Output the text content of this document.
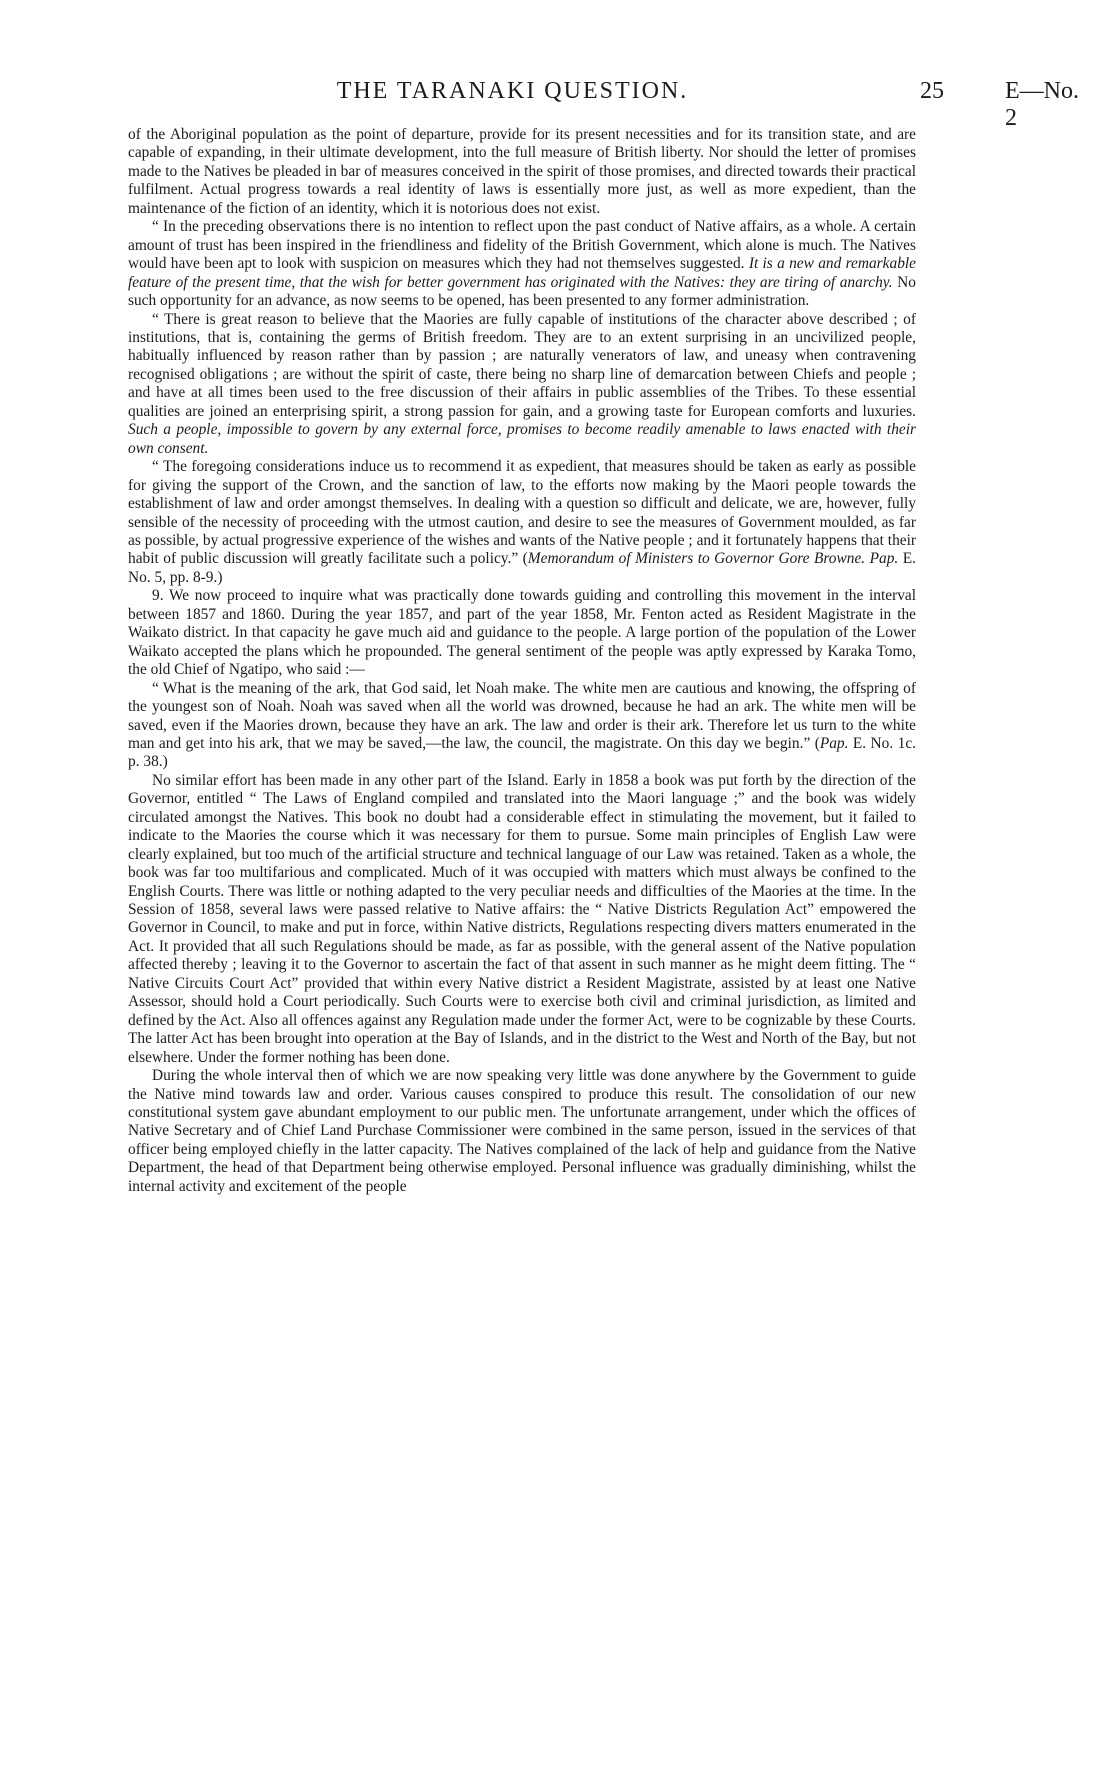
THE TARANAKI QUESTION.	25	E—No. 2

of the Aboriginal population as the point of departure, provide for its present necessities and for its transition state, and are capable of expanding, in their ultimate development, into the full measure of British liberty. Nor should the letter of promises made to the Natives be pleaded in bar of measures conceived in the spirit of those promises, and directed towards their practical fulfilment. Actual progress towards a real identity of laws is essentially more just, as well as more expedient, than the maintenance of the fiction of an identity, which it is notorious does not exist.

“ In the preceding observations there is no intention to reflect upon the past conduct of Native affairs, as a whole. A certain amount of trust has been inspired in the friendliness and fidelity of the British Government, which alone is much. The Natives would have been apt to look with suspicion on measures which they had not themselves suggested. It is a new and remarkable feature of the present time, that the wish for better government has originated with the Natives: they are tiring of anarchy. No such opportunity for an advance, as now seems to be opened, has been presented to any former administration.

“ There is great reason to believe that the Maories are fully capable of institutions of the character above described ; of institutions, that is, containing the germs of British freedom. They are to an extent surprising in an uncivilized people, habitually influenced by reason rather than by passion ; are naturally venerators of law, and uneasy when contravening recognised obligations ; are without the spirit of caste, there being no sharp line of demarcation between Chiefs and people ; and have at all times been used to the free discussion of their affairs in public assemblies of the Tribes. To these essential qualities are joined an enterprising spirit, a strong passion for gain, and a growing taste for European comforts and luxuries. Such a people, impossible to govern by any external force, promises to become readily amenable to laws enacted with their own consent.

“ The foregoing considerations induce us to recommend it as expedient, that measures should be taken as early as possible for giving the support of the Crown, and the sanction of law, to the efforts now making by the Maori people towards the establishment of law and order amongst themselves. In dealing with a question so difficult and delicate, we are, however, fully sensible of the necessity of proceeding with the utmost caution, and desire to see the measures of Government moulded, as far as possible, by actual progressive experience of the wishes and wants of the Native people ; and it fortunately happens that their habit of public discussion will greatly facilitate such a policy.” (Memorandum of Ministers to Governor Gore Browne. Pap. E. No. 5, pp. 8-9.)

9. We now proceed to inquire what was practically done towards guiding and controlling this movement in the interval between 1857 and 1860. During the year 1857, and part of the year 1858, Mr. Fenton acted as Resident Magistrate in the Waikato district. In that capacity he gave much aid and guidance to the people. A large portion of the population of the Lower Waikato accepted the plans which he propounded. The general sentiment of the people was aptly expressed by Karaka Tomo, the old Chief of Ngatipo, who said :—

“ What is the meaning of the ark, that God said, let Noah make. The white men are cautious and knowing, the offspring of the youngest son of Noah. Noah was saved when all the world was drowned, because he had an ark. The white men will be saved, even if the Maories drown, because they have an ark. The law and order is their ark. Therefore let us turn to the white man and get into his ark, that we may be saved,—the law, the council, the magistrate. On this day we begin.” (Pap. E. No. 1c. p. 38.)

No similar effort has been made in any other part of the Island. Early in 1858 a book was put forth by the direction of the Governor, entitled “ The Laws of England compiled and translated into the Maori language ;” and the book was widely circulated amongst the Natives. This book no doubt had a considerable effect in stimulating the movement, but it failed to indicate to the Maories the course which it was necessary for them to pursue. Some main principles of English Law were clearly explained, but too much of the artificial structure and technical language of our Law was retained. Taken as a whole, the book was far too multifarious and complicated. Much of it was occupied with matters which must always be confined to the English Courts. There was little or nothing adapted to the very peculiar needs and difficulties of the Maories at the time. In the Session of 1858, several laws were passed relative to Native affairs: the “ Native Districts Regulation Act” empowered the Governor in Council, to make and put in force, within Native districts, Regulations respecting divers matters enumerated in the Act. It provided that all such Regulations should be made, as far as possible, with the general assent of the Native population affected thereby ; leaving it to the Governor to ascertain the fact of that assent in such manner as he might deem fitting. The “ Native Circuits Court Act” provided that within every Native district a Resident Magistrate, assisted by at least one Native Assessor, should hold a Court periodically. Such Courts were to exercise both civil and criminal jurisdiction, as limited and defined by the Act. Also all offences against any Regulation made under the former Act, were to be cognizable by these Courts. The latter Act has been brought into operation at the Bay of Islands, and in the district to the West and North of the Bay, but not elsewhere. Under the former nothing has been done.

During the whole interval then of which we are now speaking very little was done anywhere by the Government to guide the Native mind towards law and order. Various causes conspired to produce this result. The consolidation of our new constitutional system gave abundant employment to our public men. The unfortunate arrangement, under which the offices of Native Secretary and of Chief Land Purchase Commissioner were combined in the same person, issued in the services of that officer being employed chiefly in the latter capacity. The Natives complained of the lack of help and guidance from the Native Department, the head of that Department being otherwise employed. Personal influence was gradually diminishing, whilst the internal activity and excitement of the people
